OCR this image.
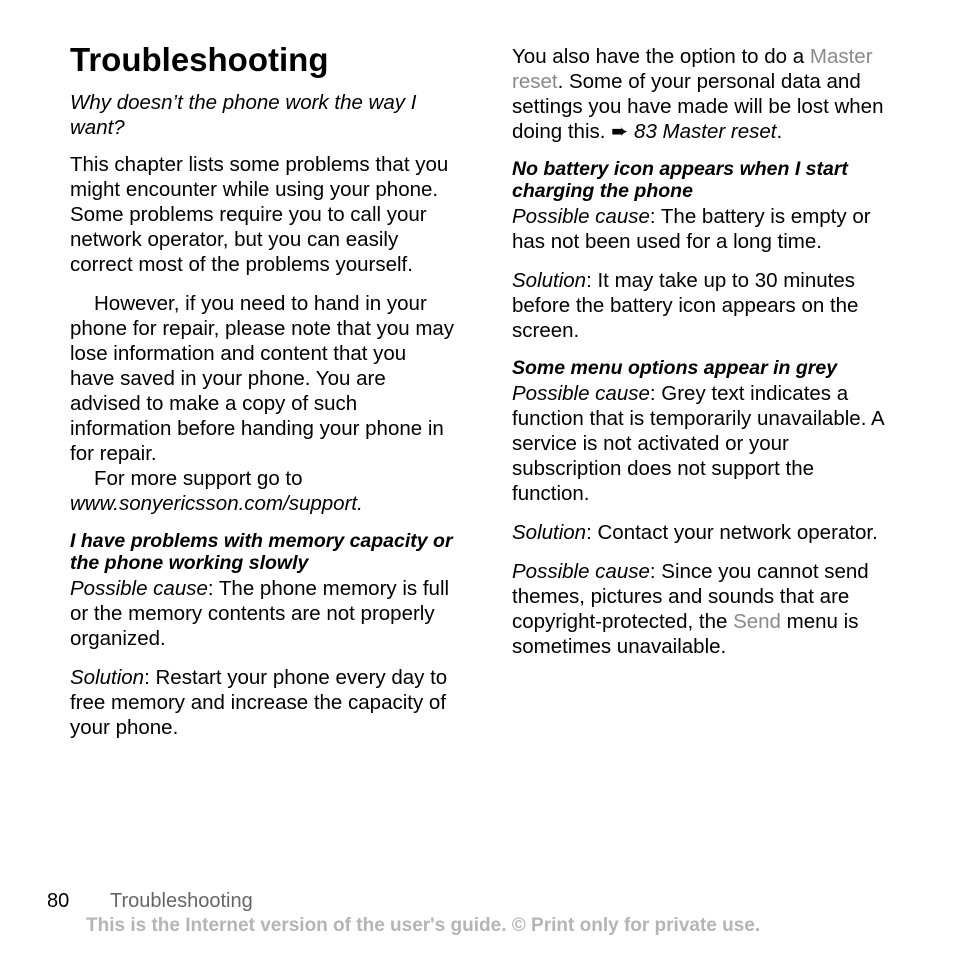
Troubleshooting

Why doesn’t the phone work the way I want?

This chapter lists some problems that you might encounter while using your phone. Some problems require you to call your network operator, but you can easily correct most of the problems yourself.

However, if you need to hand in your phone for repair, please note that you may lose information and content that you have saved in your phone. You are advised to make a copy of such information before handing your phone in for repair.

For more support go to

www.sonyericsson.com/support.

I have problems with memory capacity or the phone working slowly

Possible cause: The phone memory is full or the memory contents are not properly organized.

Solution: Restart your phone every day to free memory and increase the capacity of your phone.

You also have the option to do a Master reset. Some of your personal data and settings you have made will be lost when doing this. ➨ 83 Master reset.

No battery icon appears when I start charging the phone

Possible cause: The battery is empty or has not been used for a long time.

Solution: It may take up to 30 minutes before the battery icon appears on the screen.

Some menu options appear in grey

Possible cause: Grey text indicates a function that is temporarily unavailable. A service is not activated or your subscription does not support the function.

Solution: Contact your network operator.

Possible cause: Since you cannot send themes, pictures and sounds that are copyright-protected, the Send menu is sometimes unavailable.

80 Troubleshooting
This is the Internet version of the user's guide. © Print only for private use.
